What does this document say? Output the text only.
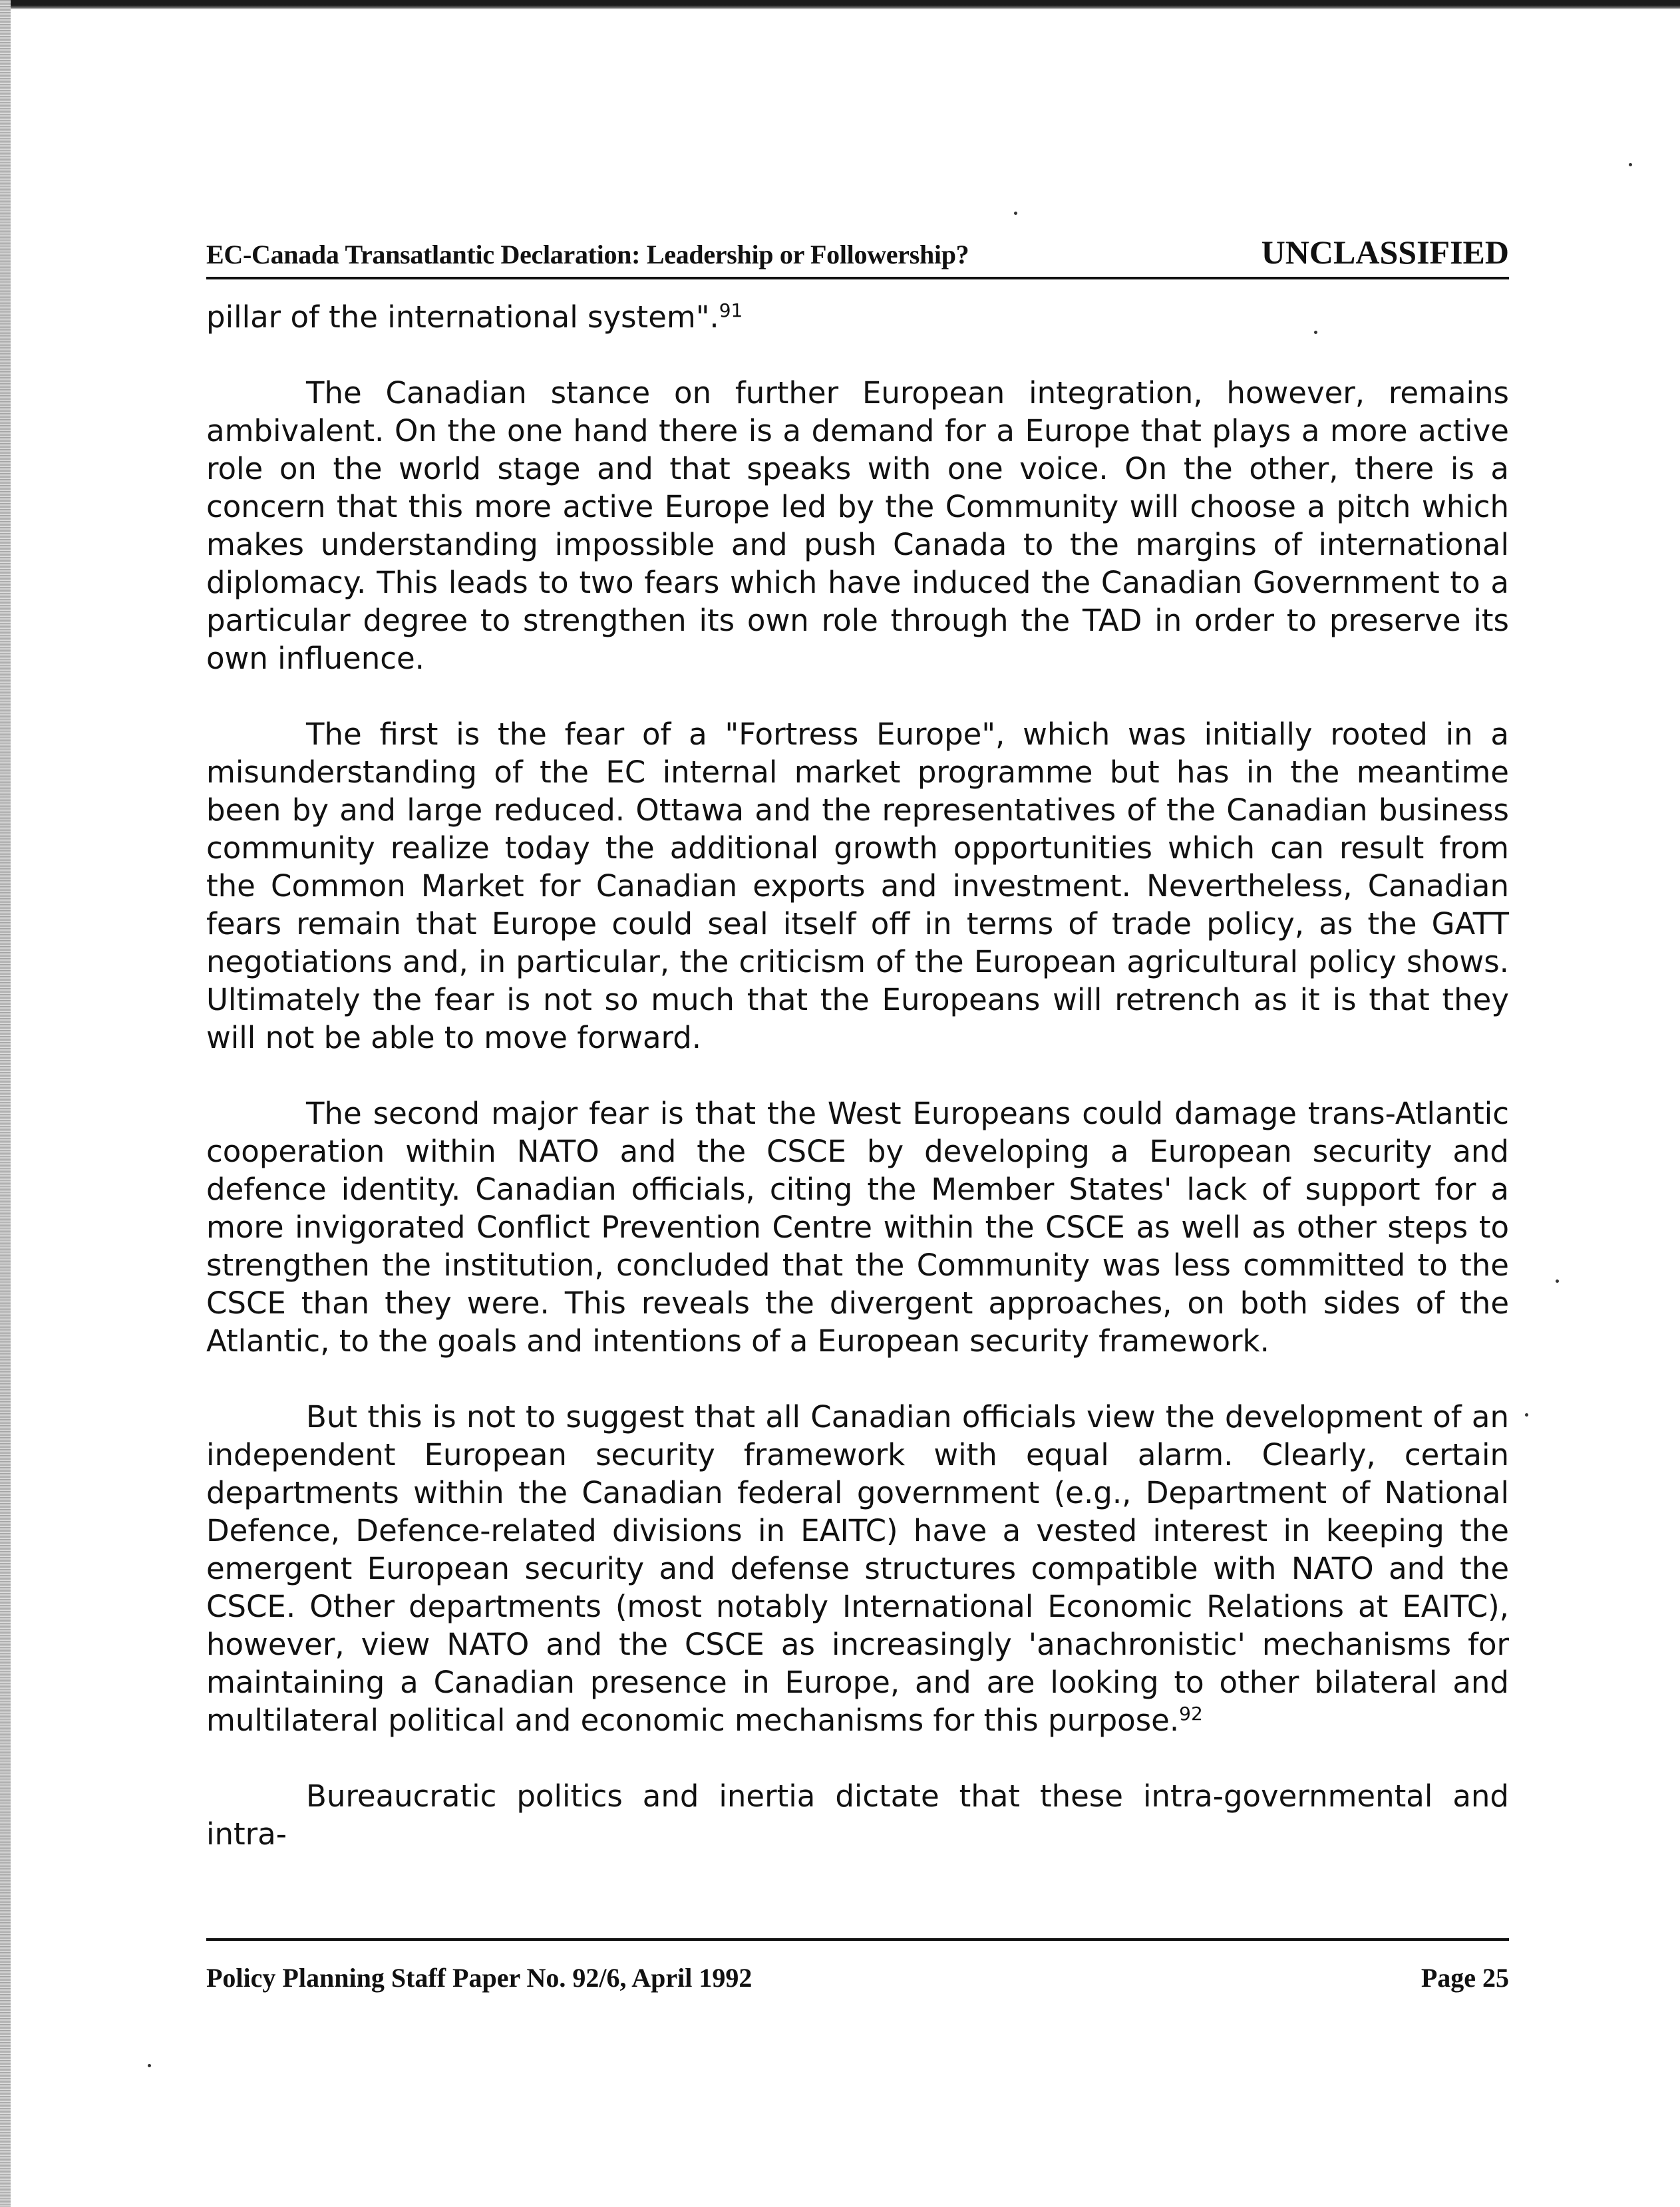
EC-Canada Transatlantic Declaration: Leadership or Followership?	UNCLASSIFIED

pillar of the international system".$^{91}$

The Canadian stance on further European integration, however, remains ambivalent. On the one hand there is a demand for a Europe that plays a more active role on the world stage and that speaks with one voice. On the other, there is a concern that this more active Europe led by the Community will choose a pitch which makes understanding impossible and push Canada to the margins of international diplomacy. This leads to two fears which have induced the Canadian Government to a particular degree to strengthen its own role through the TAD in order to preserve its own influence.

The first is the fear of a "Fortress Europe", which was initially rooted in a misunderstanding of the EC internal market programme but has in the meantime been by and large reduced. Ottawa and the representatives of the Canadian business community realize today the additional growth opportunities which can result from the Common Market for Canadian exports and investment. Nevertheless, Canadian fears remain that Europe could seal itself off in terms of trade policy, as the GATT negotiations and, in particular, the criticism of the European agricultural policy shows. Ultimately the fear is not so much that the Europeans will retrench as it is that they will not be able to move forward.

The second major fear is that the West Europeans could damage trans-Atlantic cooperation within NATO and the CSCE by developing a European security and defence identity. Canadian officials, citing the Member States' lack of support for a more invigorated Conflict Prevention Centre within the CSCE as well as other steps to strengthen the institution, concluded that the Community was less committed to the CSCE than they were. This reveals the divergent approaches, on both sides of the Atlantic, to the goals and intentions of a European security framework.

But this is not to suggest that all Canadian officials view the development of an independent European security framework with equal alarm. Clearly, certain departments within the Canadian federal government (e.g., Department of National Defence, Defence-related divisions in EAITC) have a vested interest in keeping the emergent European security and defense structures compatible with NATO and the CSCE. Other departments (most notably International Economic Relations at EAITC), however, view NATO and the CSCE as increasingly 'anachronistic' mechanisms for maintaining a Canadian presence in Europe, and are looking to other bilateral and multilateral political and economic mechanisms for this purpose.$^{92}$

Bureaucratic politics and inertia dictate that these intra-governmental and intra-

Policy Planning Staff Paper No. 92/6, April 1992	Page 25
